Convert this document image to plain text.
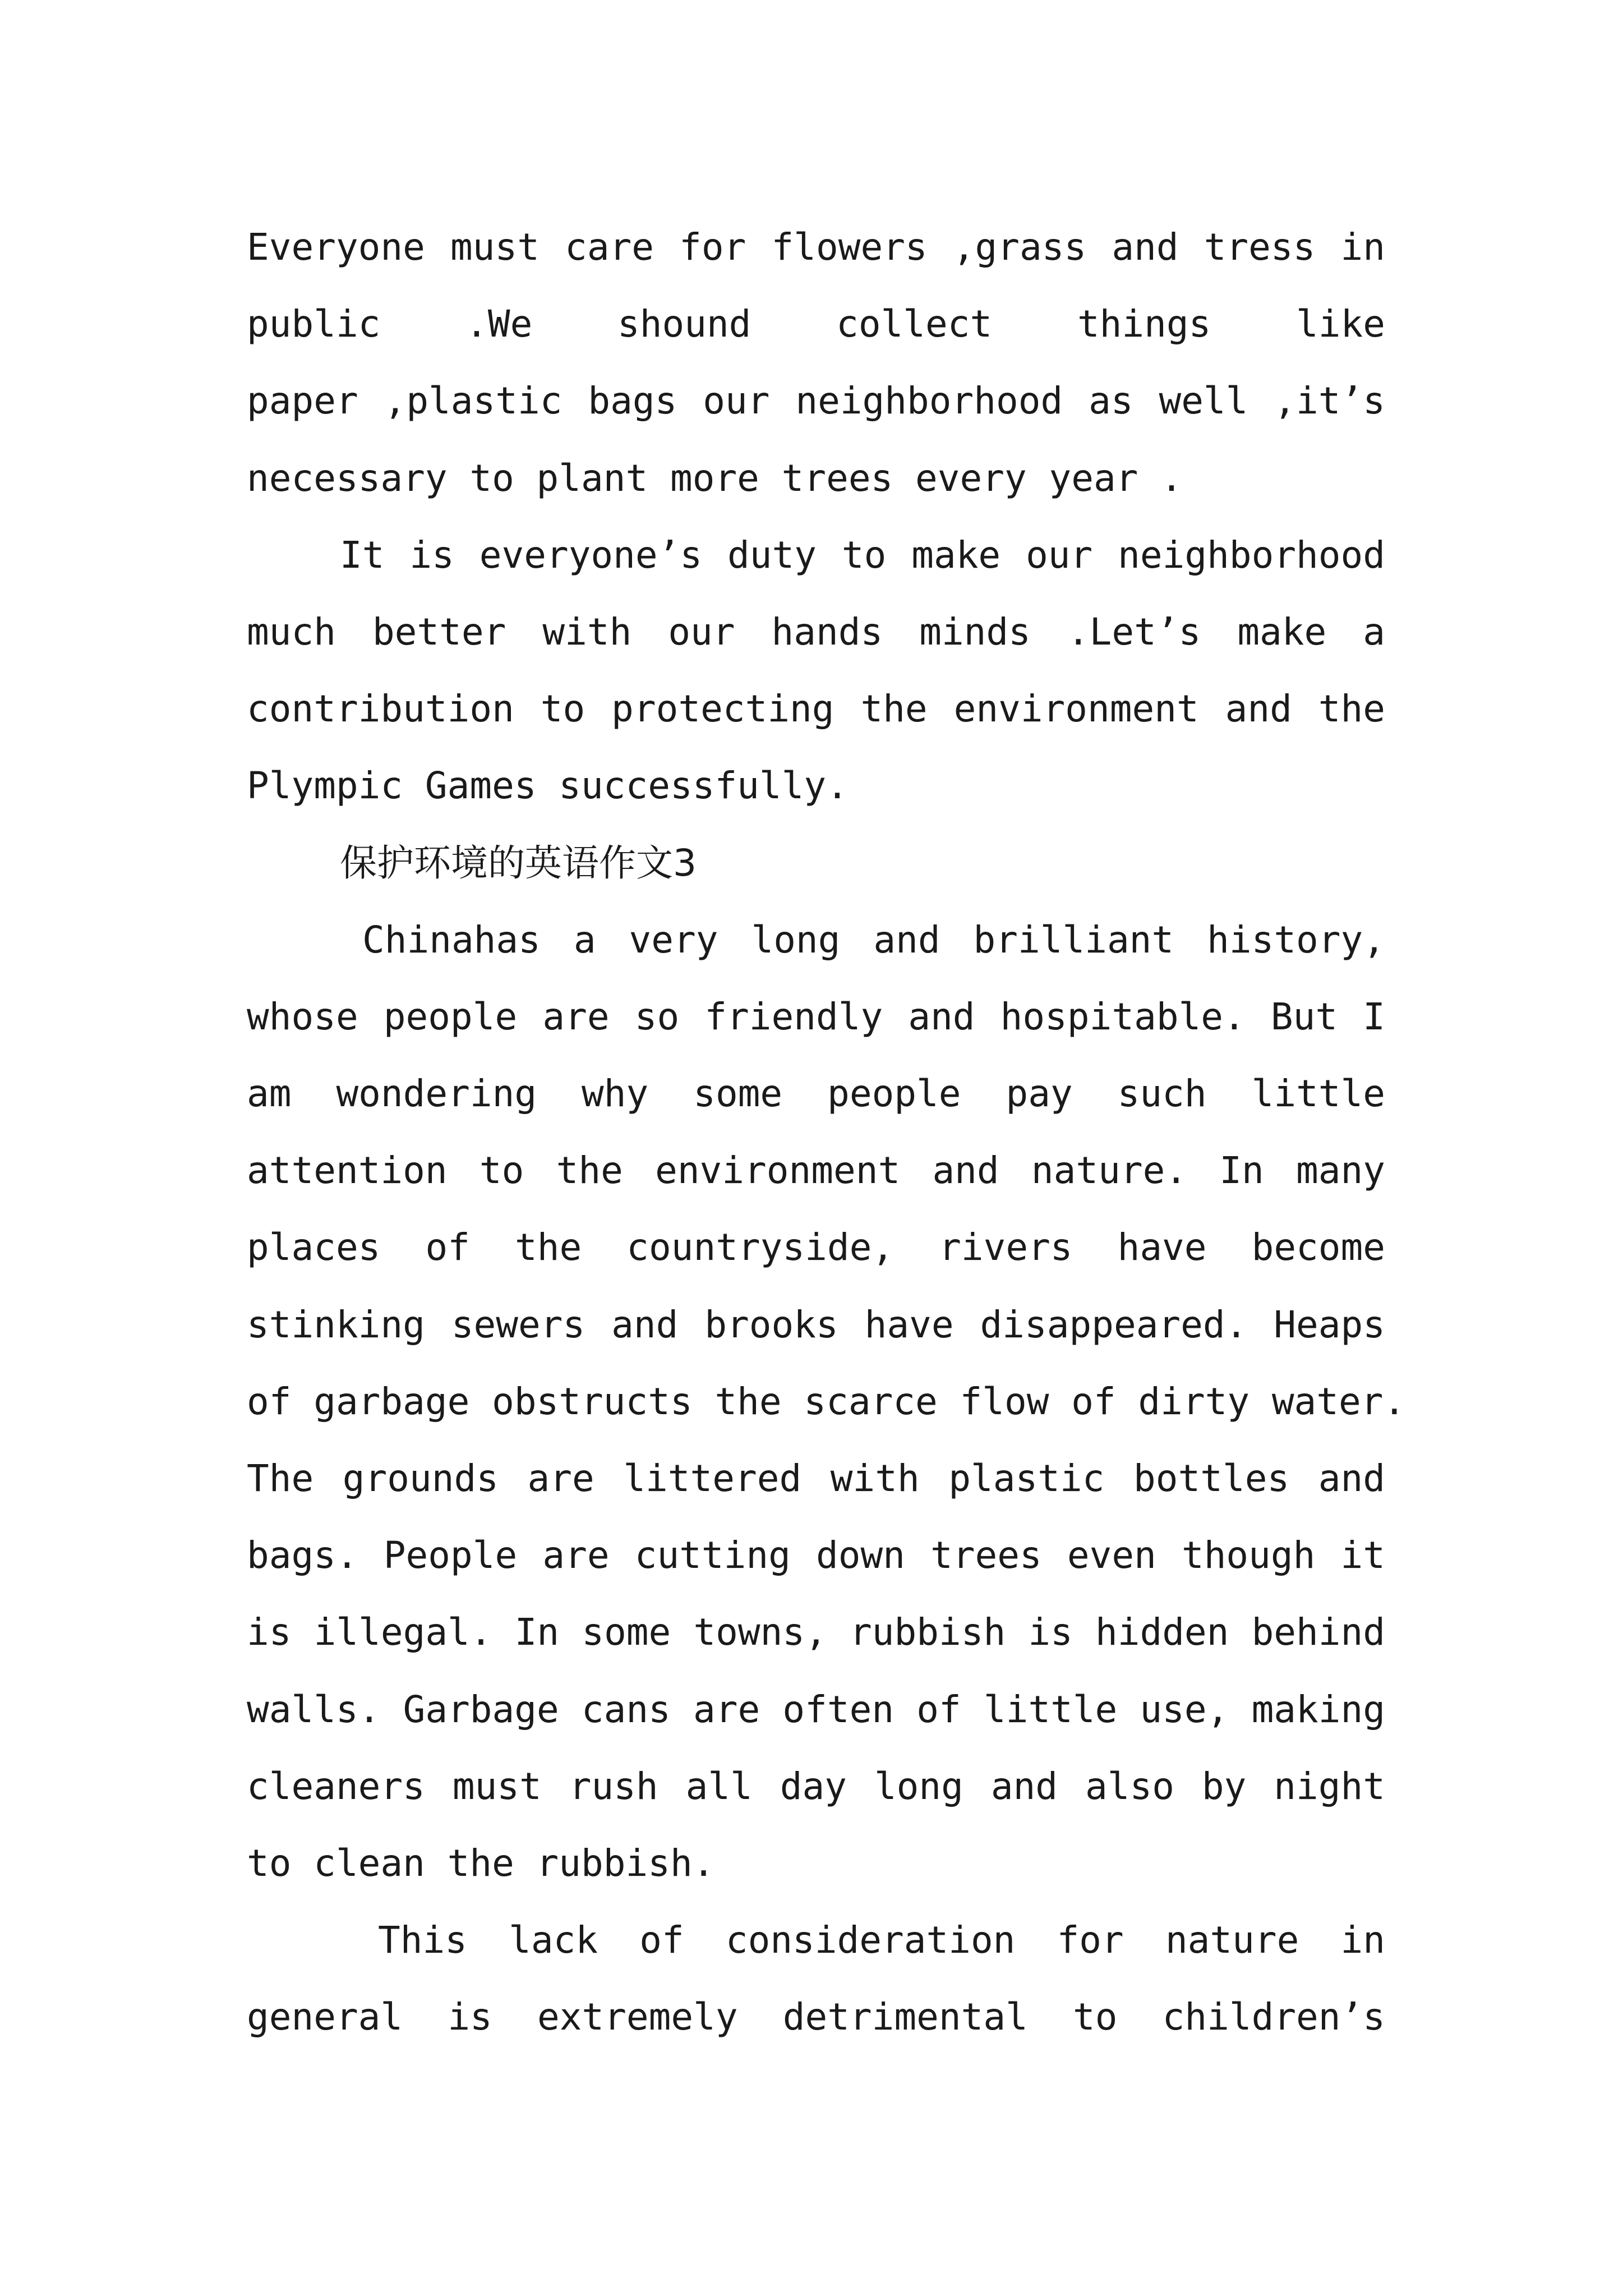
Everyone must care for flowers ,grass and tress in
public .We shound collect things like
paper ,plastic bags our neighborhood as well ,it’s
necessary to plant more trees every year .
It is everyone’s duty to make our neighborhood
much better with our hands minds .Let’s make a
contribution to protecting the environment and the
Plympic Games successfully.
保护环境的英语作文3
Chinahas a very long and brilliant history,
whose people are so friendly and hospitable. But I
am wondering why some people pay such little
attention to the environment and nature. In many
places of the countryside, rivers have become
stinking sewers and brooks have disappeared. Heaps
of garbage obstructs the scarce flow of dirty water.
The grounds are littered with plastic bottles and
bags. People are cutting down trees even though it
is illegal. In some towns, rubbish is hidden behind
walls. Garbage cans are often of little use, making
cleaners must rush all day long and also by night
to clean the rubbish.
This lack of consideration for nature in
general is extremely detrimental to children’s
